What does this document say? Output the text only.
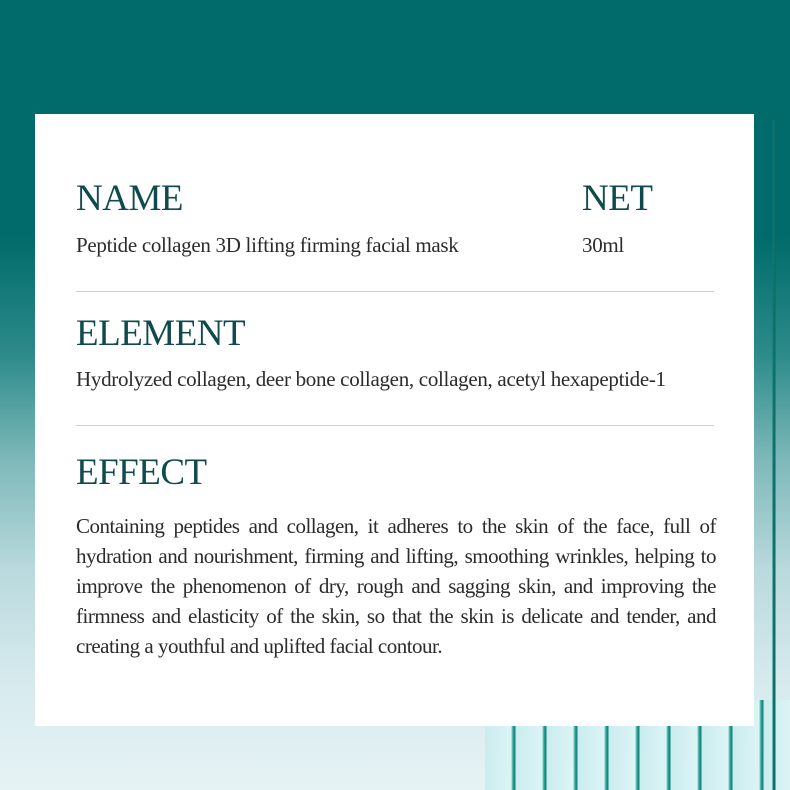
NAME
Peptide collagen 3D lifting firming facial mask
NET
30ml
ELEMENT
Hydrolyzed collagen, deer bone collagen, collagen, acetyl hexapeptide-1
EFFECT

Containing peptides and collagen, it adheres to the skin of the face, full of hydration and nourishment, firming and lifting, smoothing wrinkles, helping to improve the phenomenon of dry, rough and sagging skin, and improving the firmness and elasticity of the skin, so that the skin is delicate and tender, and creating a youthful and uplifted facial contour.
